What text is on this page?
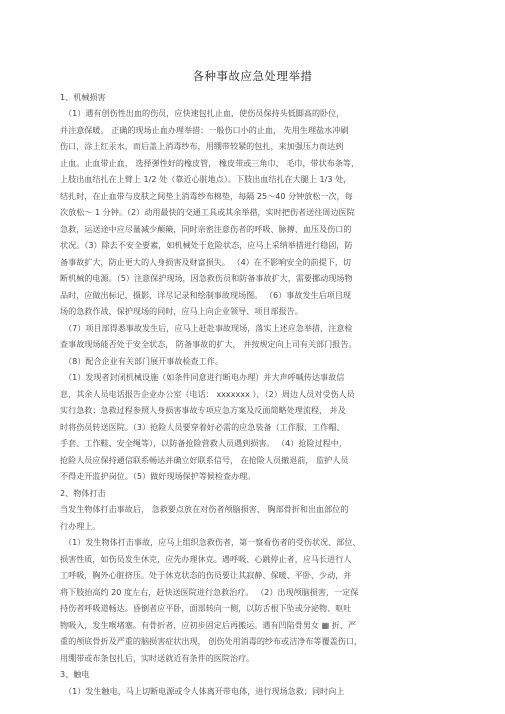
各种事故应急处理举措
1、机械损害
（1）遇有创伤性出血的伤员，应快速包扎止血，使伤员保持头低脚高的卧位，
并注意保暖。 正确的现场止血办理举措：一般伤口小的止血， 先用生理盐水冲刷
伤口，涂上红汞水，而后盖上消毒纱布，用绷带较紧的包扎，来加强压力而达到
止血。止血带止血， 选择弹性好的橡皮管， 橡皮带或三角巾、 毛巾，带状布条等，
上肢出血结扎在上臂上 1/2 处（靠近心脏地点）。下肢出血结扎在大腿上 1/3 处，
结扎时，在止血带与皮肤之间垫上消毒纱布棉垫，每隔 25～40 分钟放松一次，每
次放松～ 1 分钟。（2）动用最快的交通工具或其余举措，实时把伤者送往周边医院
急救，运送途中应尽量减少颠簸，同时亲密注意伤者的呼吸、脉搏、血压及伤口的
状况。（3）除去不安全要素，如机械处于危险状态，应马上采纳举措进行稳固，防
备事故扩大，防止更大的人身损害及财富损失。 （4）在不影响安全的前提下，切
断机械的电源。（5）注意保护现场，因急救伤员和防备事故扩大，需要挪动现场物
品时，应做出标记，摄影，详尽记录和绘制事故现场图。 （6）事故发生后项目现
场的急救作战，保护现场的同时，应马上向企业领导、项目部报告。
（7）项目部得悉事故发生后，应马上赶赴事故现场，落实上述应急举措，注意检
查事故现场能否处于安全状态， 防备事故的扩大， 并按规定向上司有关部门报告。
（8）配合企业有关部门展开事故检查工作。
（1）发现者封闭机械设施（如条件同意进行断电办理）并大声呼喊传达事故信
息，其余人员电话报告企业办公室（电话： xxxxxxx ），（2）周边人员对受伤人员
实行急救；急救过程参照人身损害事故专项应急方案及反面简略处理流程， 并及
时将伤员转送医院。（3）抢险人员要穿着好必需的应急装备（工作服、工作帽、
手套、工作鞋、安全绳等），以防备抢险营救人员遇到损害。 （4）抢险过程中，
抢险人员应保持通信联系畅达并确立好联系信号， 在抢险人员撤退前， 监护人员
不得走开监护岗位。（5）做好现场保护等候检查办理。
2、物体打击
当发生物体打击事故后， 急救要点放在对伤者颅脑损害、 胸部骨折和出血部位的
行办理上。
（1）发生物体打击事故，应马上组织急救伤者，第一察看伤者的受伤状况、部位、
损害性质，如伤员发生休克，应先办理休克。遇呼吸、心跳停止者，应马长进行人
工呼吸，胸外心脏挤压。处于休克状态的伤员要让其寂静、保暖、平卧、少动，并
将下肢抬高约 20 度左右，赶快送医院进行急救治疗。 （2）出现颅脑损害，一定保
持伤者呼吸道畅达。昏倒者应平卧，面部转向一侧，以防舌根下坠或分泌物、呕吐
物吸入，发生喉堵塞。有骨折者，应初步固定后再搬运。遇有凹陷骨男女 ▦ 折、严
重的颅底骨折及严重的脑损害症状出现， 创伤处用消毒的纱布或洁净布等覆盖伤口，
用绷带或布条包扎后，实时送就近有条件的医院治疗。
3、触电
（1）发生触电，马上切断电源或令人体离开带电体，进行现场急救；同时向上
